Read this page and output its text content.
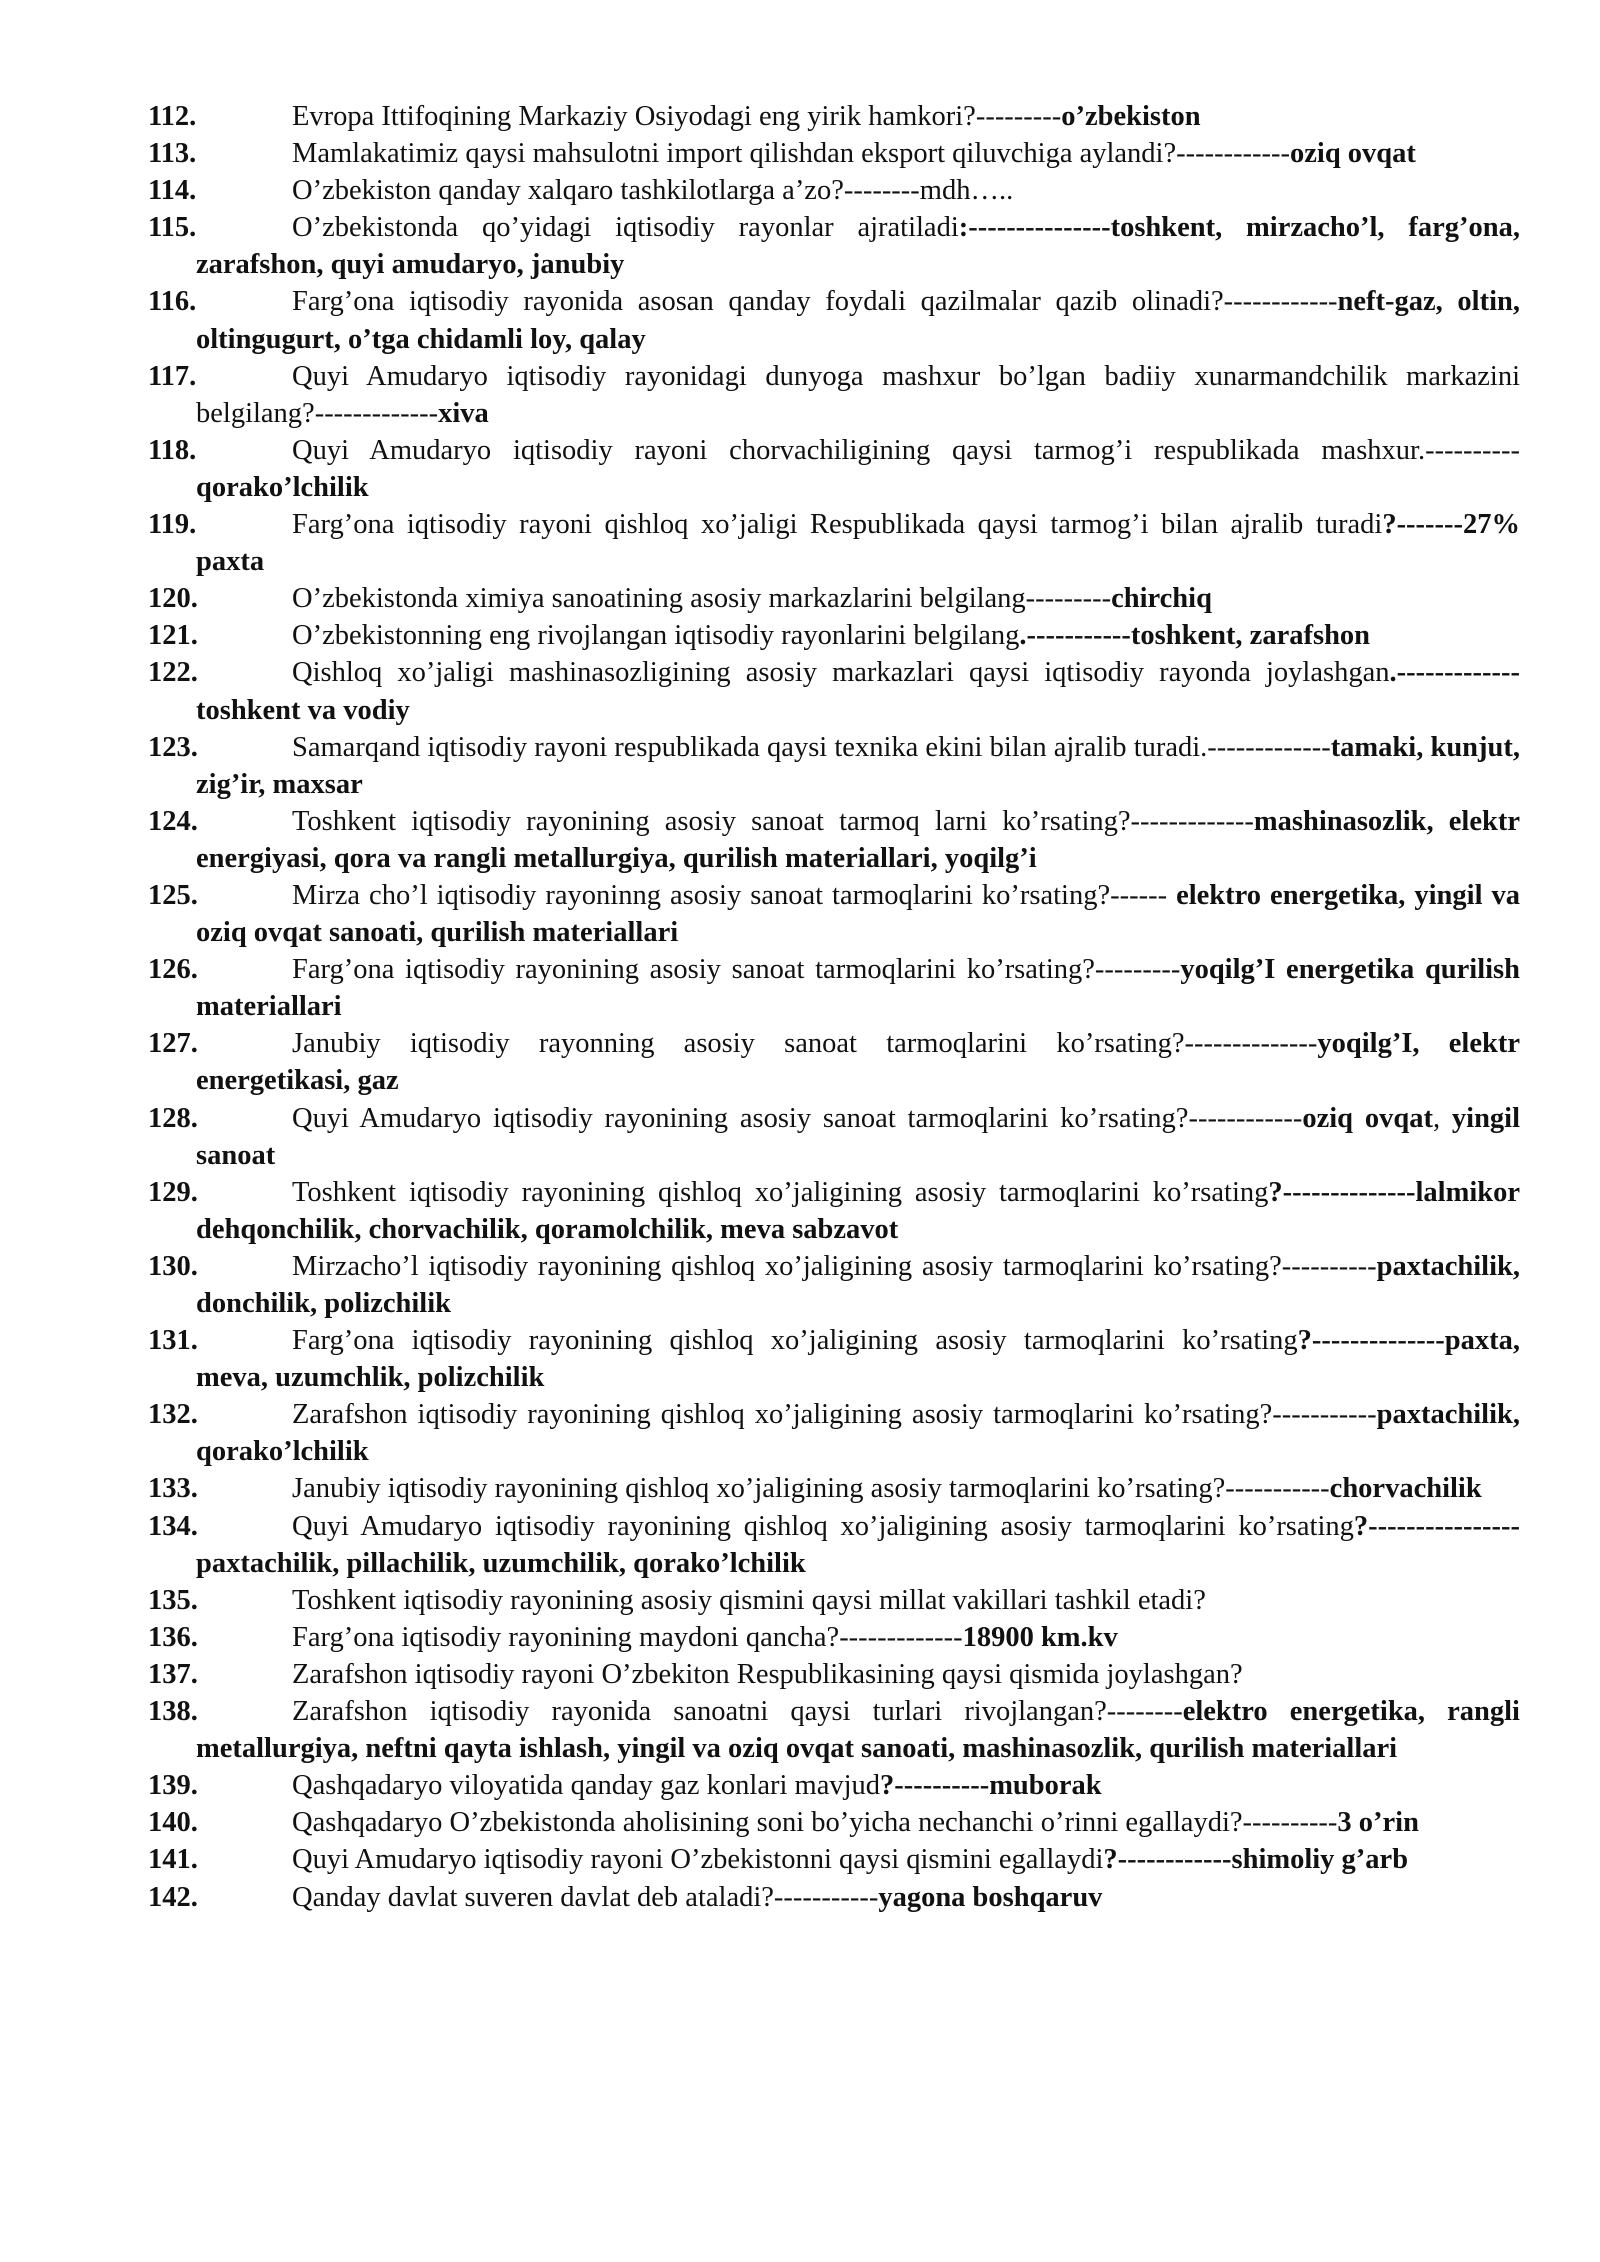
112.	Evropa Ittifoqining Markaziy Osiyodagi eng yirik hamkori?---------o’zbekiston
113.	Mamlakatimiz qaysi mahsulotni import qilishdan eksport qiluvchiga aylandi?------------oziq ovqat
114.	O’zbekiston qanday xalqaro tashkilotlarga a’zo?--------mdh…..
115.	O’zbekistonda qo’yidagi iqtisodiy rayonlar ajratiladi:---------------toshkent, mirzacho’l, farg’ona, zarafshon, quyi amudaryo, janubiy
116.	Farg’ona iqtisodiy rayonida asosan qanday foydali qazilmalar qazib olinadi?------------neft-gaz, oltin, oltingugurt, o’tga chidamli loy, qalay
117.	Quyi Amudaryo iqtisodiy rayonidagi dunyoga mashxur bo’lgan badiiy xunarmandchilik markazini belgilang?-------------xiva
118.	Quyi Amudaryo iqtisodiy rayoni chorvachiligining qaysi tarmog’i respublikada mashxur.----------qorako’lchilik
119.	Farg’ona iqtisodiy rayoni qishloq xo’jaligi Respublikada qaysi tarmog’i bilan ajralib turadi?-------27% paxta
120.	O’zbekistonda ximiya sanoatining asosiy markazlarini belgilang---------chirchiq
121.	O’zbekistonning eng rivojlangan iqtisodiy rayonlarini belgilang.-----------toshkent, zarafshon
122.	Qishloq xo’jaligi mashinasozligining asosiy markazlari qaysi iqtisodiy rayonda joylashgan.-------------toshkent va vodiy
123.	Samarqand iqtisodiy rayoni respublikada qaysi texnika ekini bilan ajralib turadi.-------------tamaki, kunjut, zig’ir, maxsar
124.	Toshkent iqtisodiy rayonining asosiy sanoat tarmoq larni ko’rsating?-------------mashinasozlik, elektr energiyasi, qora va rangli metallurgiya, qurilish materiallari, yoqilg’i
125.	Mirza cho’l iqtisodiy rayoninng asosiy sanoat tarmoqlarini ko’rsating?------ elektro energetika, yingil va oziq ovqat sanoati, qurilish materiallari
126.	Farg’ona iqtisodiy rayonining asosiy sanoat tarmoqlarini ko’rsating?---------yoqilg’I energetika qurilish materiallari
127.	Janubiy iqtisodiy rayonning asosiy sanoat tarmoqlarini ko’rsating?--------------yoqilg’I, elektr energetikasi, gaz
128.	Quyi Amudaryo iqtisodiy rayonining asosiy sanoat tarmoqlarini ko’rsating?------------oziq ovqat, yingil sanoat
129.	Toshkent iqtisodiy rayonining qishloq xo’jaligining asosiy tarmoqlarini ko’rsating?--------------lalmikor dehqonchilik, chorvachilik, qoramolchilik, meva sabzavot
130.	Mirzacho’l iqtisodiy rayonining qishloq xo’jaligining asosiy tarmoqlarini ko’rsating?----------paxtachilik, donchilik, polizchilik
131.	Farg’ona iqtisodiy rayonining qishloq xo’jaligining asosiy tarmoqlarini ko’rsating?--------------paxta, meva, uzumchlik, polizchilik
132.	Zarafshon iqtisodiy rayonining qishloq xo’jaligining asosiy tarmoqlarini ko’rsating?-----------paxtachilik, qorako’lchilik
133.	Janubiy iqtisodiy rayonining qishloq xo’jaligining asosiy tarmoqlarini ko’rsating?-----------chorvachilik
134.	Quyi Amudaryo iqtisodiy rayonining qishloq xo’jaligining asosiy tarmoqlarini ko’rsating?----------------paxtachilik, pillachilik, uzumchilik, qorako’lchilik
135.	Toshkent iqtisodiy rayonining asosiy qismini qaysi millat vakillari tashkil etadi?
136.	Farg’ona iqtisodiy rayonining maydoni qancha?-------------18900 km.kv
137.	Zarafshon iqtisodiy rayoni O’zbekiton Respublikasining qaysi qismida joylashgan?
138.	Zarafshon iqtisodiy rayonida sanoatni qaysi turlari rivojlangan?--------elektro energetika, rangli metallurgiya, neftni qayta ishlash, yingil va oziq ovqat sanoati, mashinasozlik, qurilish materiallari
139.	Qashqadaryo viloyatida qanday gaz konlari mavjud?----------muborak
140.	Qashqadaryo O’zbekistonda aholisining soni bo’yicha nechanchi o’rinni egallaydi?----------3 o’rin
141.	Quyi Amudaryo iqtisodiy rayoni O’zbekistonni qaysi qismini egallaydi?------------shimoliy g’arb
142.	Qanday davlat suveren davlat deb ataladi?-----------yagona boshqaruv
